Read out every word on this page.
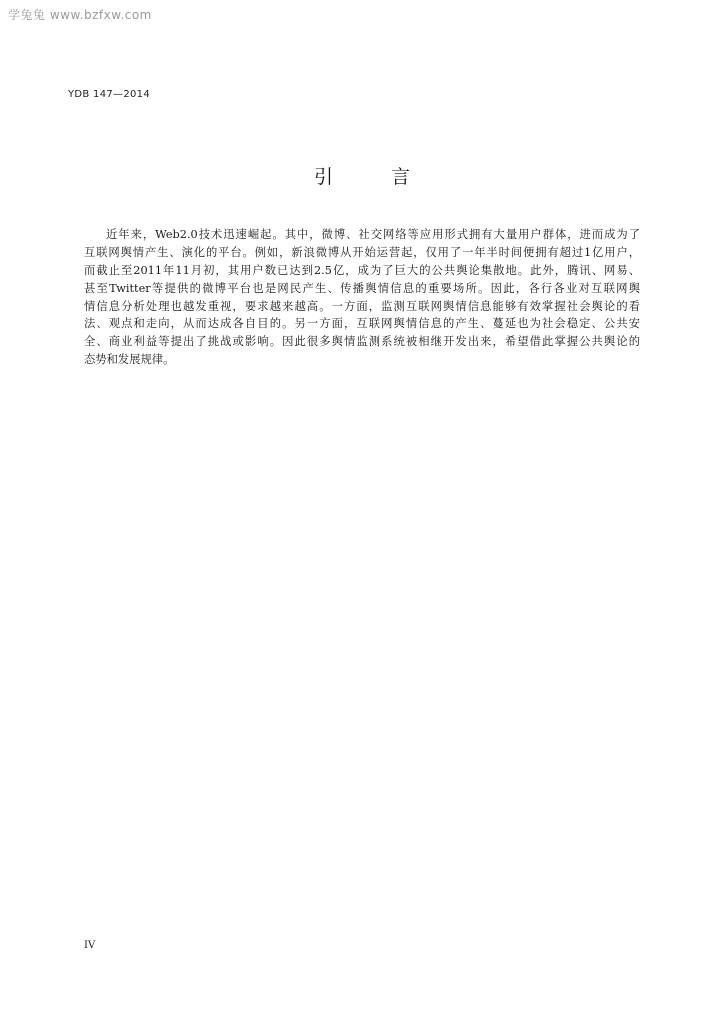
学兔兔 www.bzfxw.com
YDB 147—2014
引 言
近年来，Web2.0技术迅速崛起。其中，微博、社交网络等应用形式拥有大量用户群体，进而成为了
互联网舆情产生、演化的平台。例如，新浪微博从开始运营起，仅用了一年半时间便拥有超过1亿用户，
而截止至2011年11月初，其用户数已达到2.5亿，成为了巨大的公共舆论集散地。此外，腾讯、网易、
甚至Twitter等提供的微博平台也是网民产生、传播舆情信息的重要场所。因此，各行各业对互联网舆
情信息分析处理也越发重视，要求越来越高。一方面，监测互联网舆情信息能够有效掌握社会舆论的看
法、观点和走向，从而达成各自目的。另一方面，互联网舆情信息的产生、蔓延也为社会稳定、公共安
全、商业利益等提出了挑战或影响。因此很多舆情监测系统被相继开发出来，希望借此掌握公共舆论的
态势和发展规律。
IV
